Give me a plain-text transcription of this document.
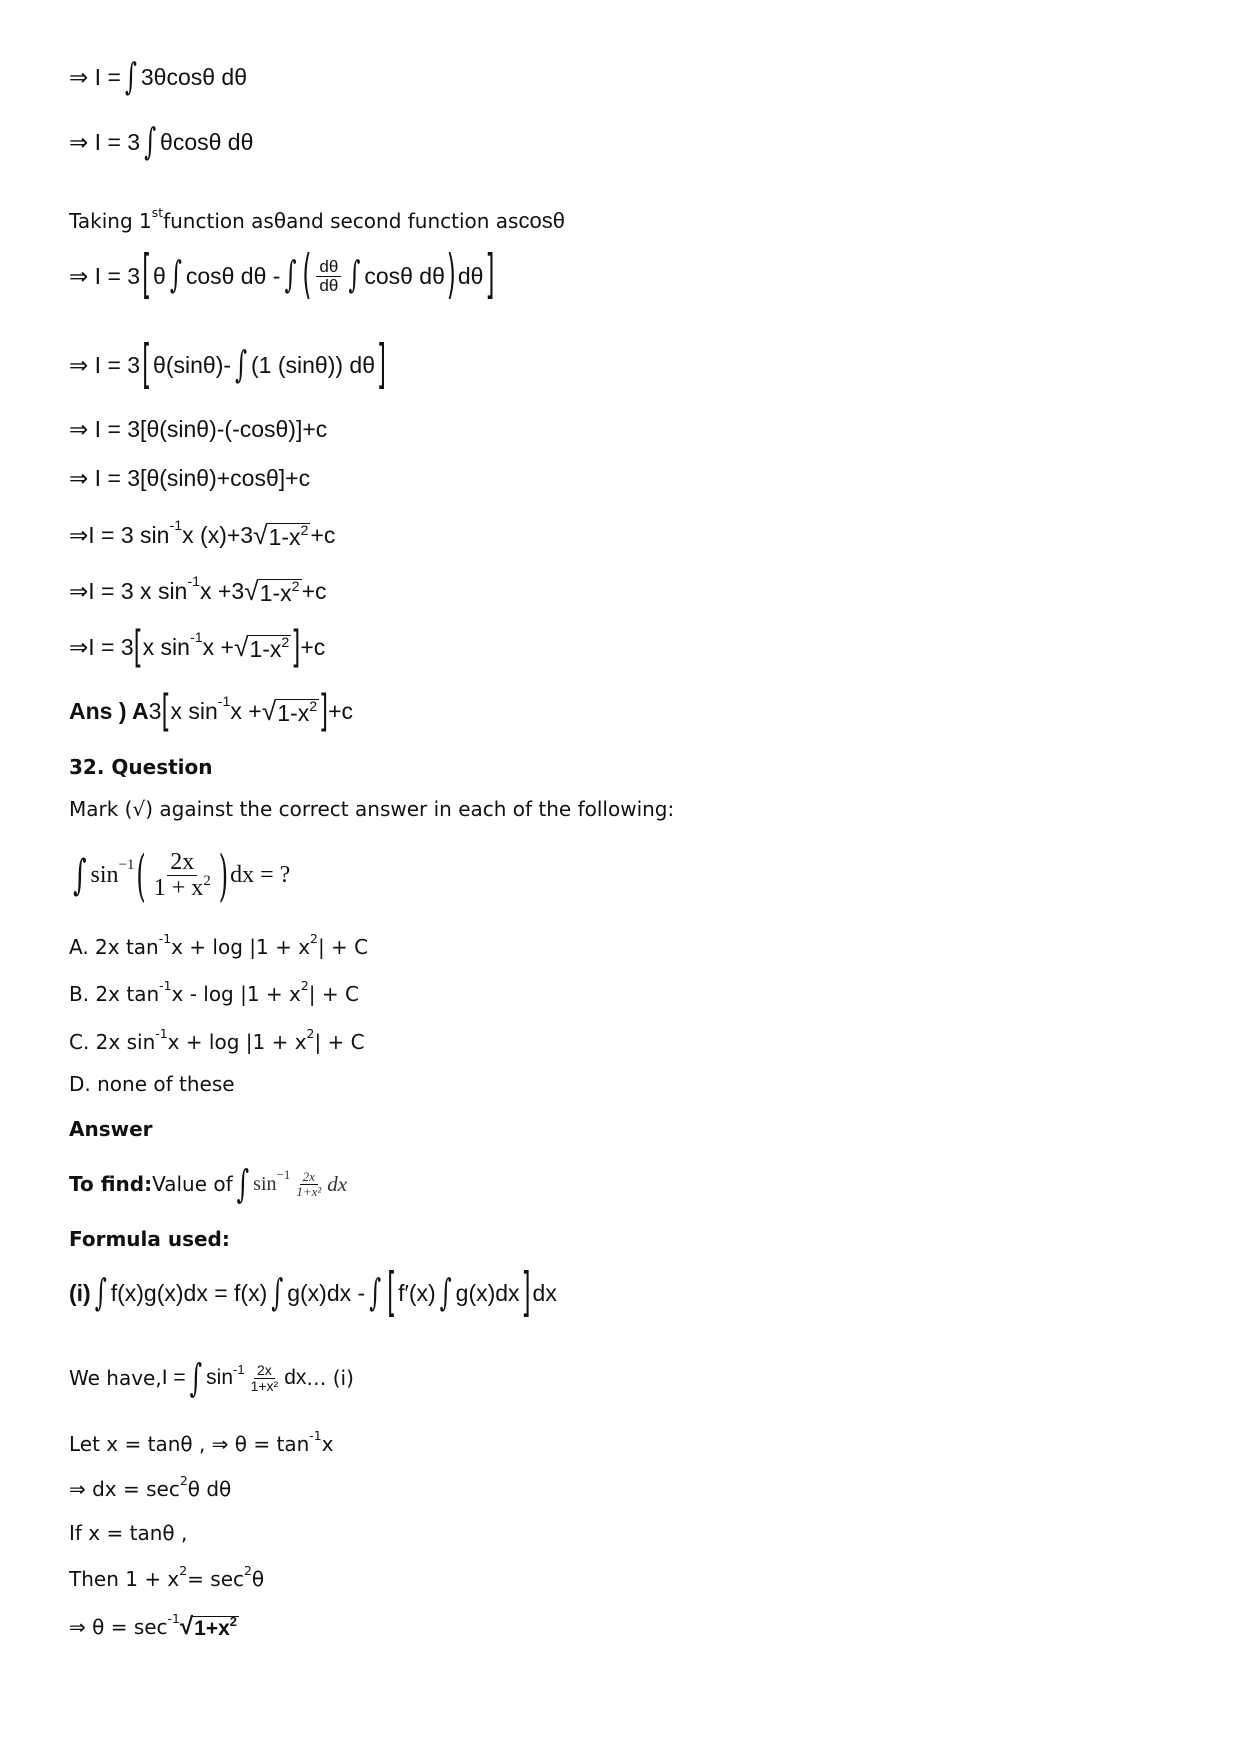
⇒ I = ∫ 3θcosθ dθ
⇒ I = 3 ∫ θcosθ dθ
Taking 1 st function as θ and second function as cosθ
⇒ I = 3 [ θ ∫ cosθ dθ - ∫ ( $\frac{d\theta}{d\theta}$ ∫ cosθ dθ ) dθ ]
⇒ I = 3 [ θ(sinθ)- ∫ (1 (sinθ)) dθ ]
⇒ I = 3[θ(sinθ)-(-cosθ)]+c
⇒ I = 3[θ(sinθ)+cosθ]+c
⇒I = 3 sin -1 x (x)+3 √ $1-x^2 +c$
⇒I = 3 x sin -1 x +3 √ $1-x^2 +c$
⇒I = 3 [ x sin -1 x + √ $1-x^2$ ] +c
Ans ) A 3 [ x sin -1 x + √ $1-x^2$ ] +c
32. Question
Mark (√) against the correct answer in each of the following:
∫ sin −1 ( $\frac{2x}{1 + x^2}$ ) dx = ?
A. 2x tan -1 x + log |1 + x 2 | + C
B. 2x tan -1 x - log |1 + x 2 | + C
C. 2x sin -1 x + log |1 + x 2 | + C
D. none of these
Answer
To find: Value of ∫ $\sin -1 \frac{2x}{\text{1+x²}}$ dx
Formula used:
(i) ∫ f(x)g(x)dx = f(x) ∫ g(x)dx - ∫ [ f′(x) ∫ g(x)dx ] dx
We have, I = ∫ $\sin -1 \frac{2x}{\text{1+x²}}$ dx … (i)
Let x = tanθ , ⇒ θ = tan -1 x
⇒ dx = sec 2 θ dθ
If x = tanθ ,
Then 1 + x 2 = sec 2 θ
⇒ θ = sec -1 √ $1+x^2$
